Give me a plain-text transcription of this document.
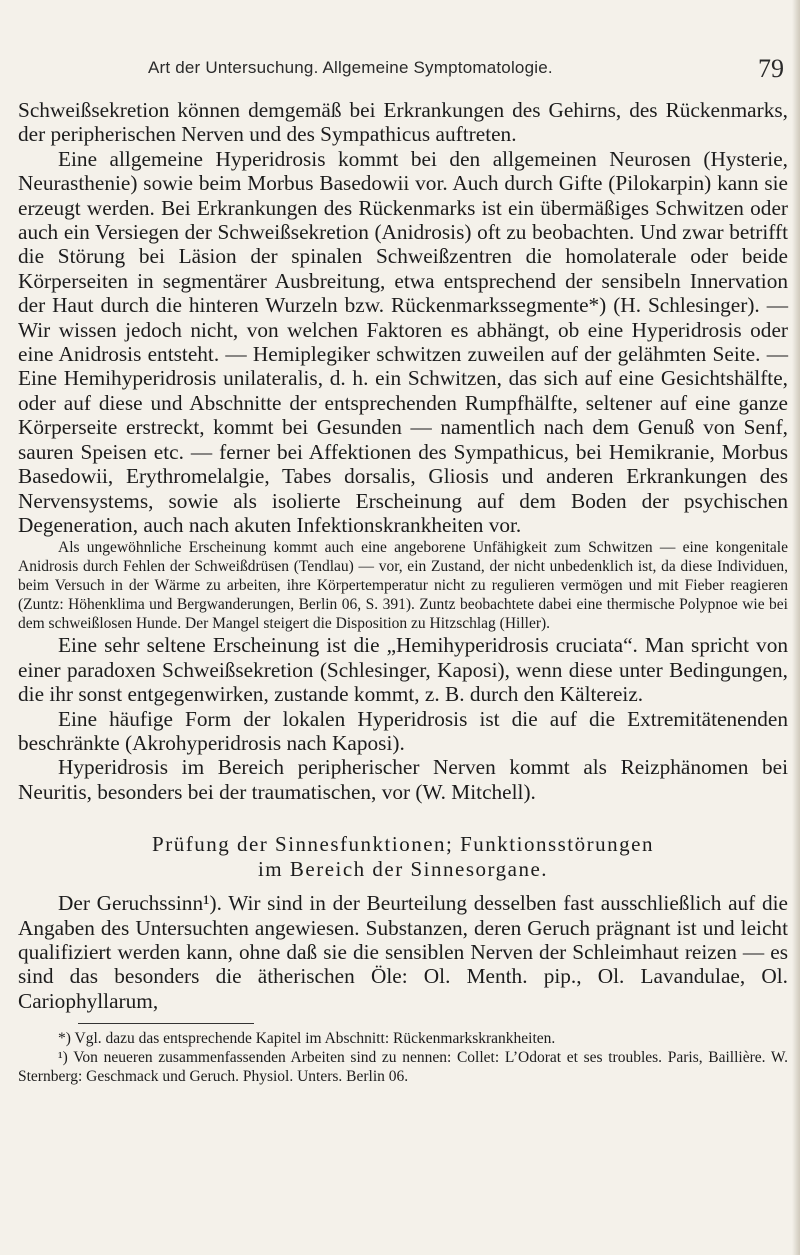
Art der Untersuchung. Allgemeine Symptomatologie.	79

Schweißsekretion können demgemäß bei Erkrankungen des Gehirns, des Rückenmarks, der peripherischen Nerven und des Sympathicus auftreten.

Eine allgemeine Hyperidrosis kommt bei den allgemeinen Neurosen (Hysterie, Neurasthenie) sowie beim Morbus Basedowii vor. Auch durch Gifte (Pilokarpin) kann sie erzeugt werden. Bei Erkrankungen des Rückenmarks ist ein übermäßiges Schwitzen oder auch ein Versiegen der Schweißsekretion (Anidrosis) oft zu beobachten. Und zwar betrifft die Störung bei Läsion der spinalen Schweißzentren die homolaterale oder beide Körperseiten in segmentärer Ausbreitung, etwa entsprechend der sensibeln Innervation der Haut durch die hinteren Wurzeln bzw. Rückenmarkssegmente*) (H. Schlesinger). — Wir wissen jedoch nicht, von welchen Faktoren es abhängt, ob eine Hyperidrosis oder eine Anidrosis entsteht. — Hemiplegiker schwitzen zuweilen auf der gelähmten Seite. — Eine Hemihyperidrosis unilateralis, d. h. ein Schwitzen, das sich auf eine Gesichtshälfte, oder auf diese und Abschnitte der entsprechenden Rumpfhälfte, seltener auf eine ganze Körperseite erstreckt, kommt bei Gesunden — namentlich nach dem Genuß von Senf, sauren Speisen etc. — ferner bei Affektionen des Sympathicus, bei Hemikranie, Morbus Basedowii, Erythromelalgie, Tabes dorsalis, Gliosis und anderen Erkrankungen des Nervensystems, sowie als isolierte Erscheinung auf dem Boden der psychischen Degeneration, auch nach akuten Infektionskrankheiten vor.

Als ungewöhnliche Erscheinung kommt auch eine angeborene Unfähigkeit zum Schwitzen — eine kongenitale Anidrosis durch Fehlen der Schweißdrüsen (Tendlau) — vor, ein Zustand, der nicht unbedenklich ist, da diese Individuen, beim Versuch in der Wärme zu arbeiten, ihre Körpertemperatur nicht zu regulieren vermögen und mit Fieber reagieren (Zuntz: Höhenklima und Bergwanderungen, Berlin 06, S. 391). Zuntz beobachtete dabei eine thermische Polypnoe wie bei dem schweißlosen Hunde. Der Mangel steigert die Disposition zu Hitzschlag (Hiller).

Eine sehr seltene Erscheinung ist die „Hemihyperidrosis cruciata“. Man spricht von einer paradoxen Schweißsekretion (Schlesinger, Kaposi), wenn diese unter Bedingungen, die ihr sonst entgegenwirken, zustande kommt, z. B. durch den Kältereiz.

Eine häufige Form der lokalen Hyperidrosis ist die auf die Extremitätenenden beschränkte (Akrohyperidrosis nach Kaposi).

Hyperidrosis im Bereich peripherischer Nerven kommt als Reizphänomen bei Neuritis, besonders bei der traumatischen, vor (W. Mitchell).

Prüfung der Sinnesfunktionen; Funktionsstörungen
im Bereich der Sinnesorgane.

Der Geruchssinn¹). Wir sind in der Beurteilung desselben fast ausschließlich auf die Angaben des Untersuchten angewiesen. Substanzen, deren Geruch prägnant ist und leicht qualifiziert werden kann, ohne daß sie die sensiblen Nerven der Schleimhaut reizen — es sind das besonders die ätherischen Öle: Ol. Menth. pip., Ol. Lavandulae, Ol. Cariophyllarum,

*) Vgl. dazu das entsprechende Kapitel im Abschnitt: Rückenmarkskrankheiten.

¹) Von neueren zusammenfassenden Arbeiten sind zu nennen: Collet: L’Odorat et ses troubles. Paris, Baillière. W. Sternberg: Geschmack und Geruch. Physiol. Unters. Berlin 06.
